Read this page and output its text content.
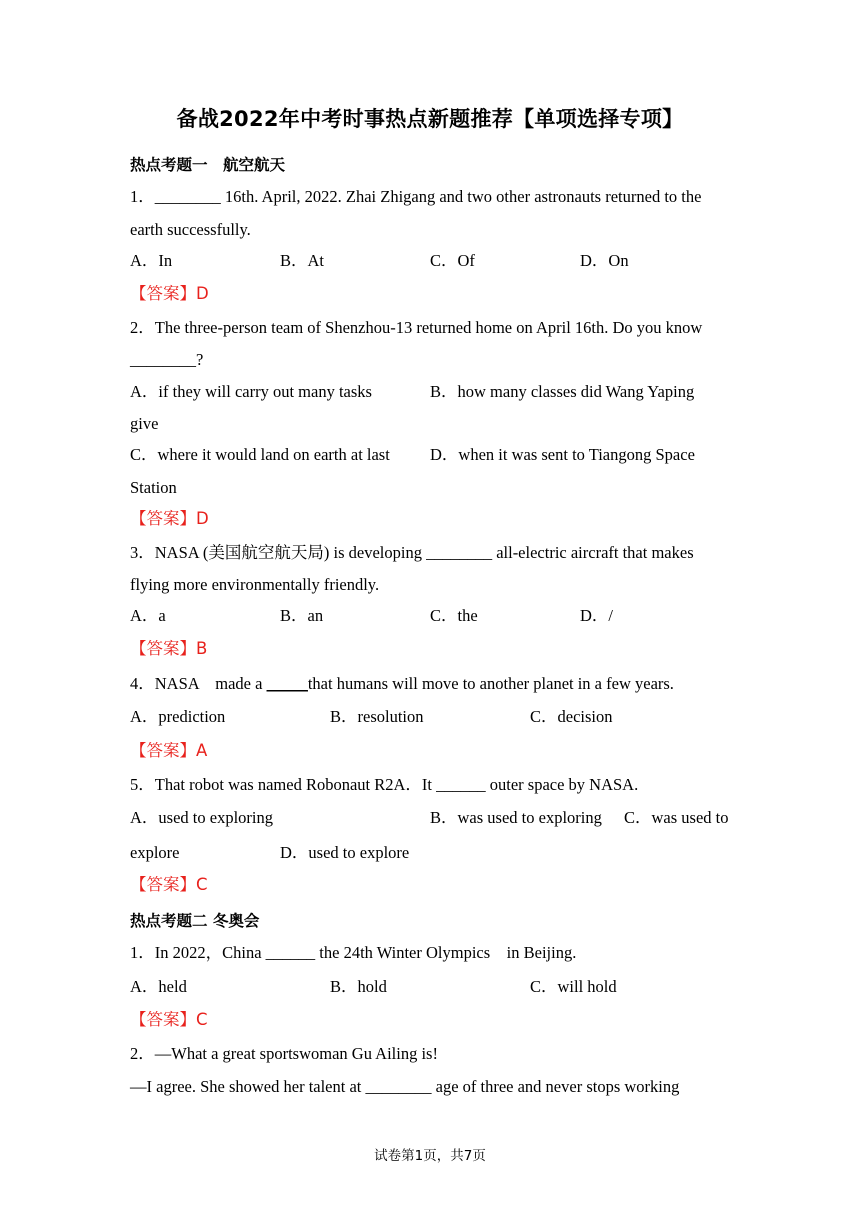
备战2022年中考时事热点新题推荐【单项选择专项】
热点考题一　航空航天
1．________ 16th. April, 2022. Zhai Zhigang and two other astronauts returned to the
earth successfully.
A．In	B．At	C．Of	D．On
【答案】D
2．The three-person team of Shenzhou-13 returned home on April 16th. Do you know
________?
A．if they will carry out many tasks	B．how many classes did Wang Yaping
give
C．where it would land on earth at last D．when it was sent to Tiangong Space
Station
【答案】D
3．NASA (美国航空航天局) is developing ________ all-electric aircraft that makes
flying more environmentally friendly.
A．a	B．an	C．the	D．/
【答案】B
4．NASA　made a _____that humans will move to another planet in a few years.
A．prediction	B．resolution	C．decision
【答案】A
5．That robot was named Robonaut R2A．It ______ outer space by NASA.
A．used to exploring	B．was used to exploring C．was used to
explore	D．used to explore
【答案】C
热点考题二 冬奥会
1．In 2022，China ______ the 24th Winter Olympics　in Beijing.
A．held	B．hold	C．will hold
【答案】C
2．—What a great sportswoman Gu Ailing is!
—I agree. She showed her talent at ________ age of three and never stops working
试卷第1页，共7页
